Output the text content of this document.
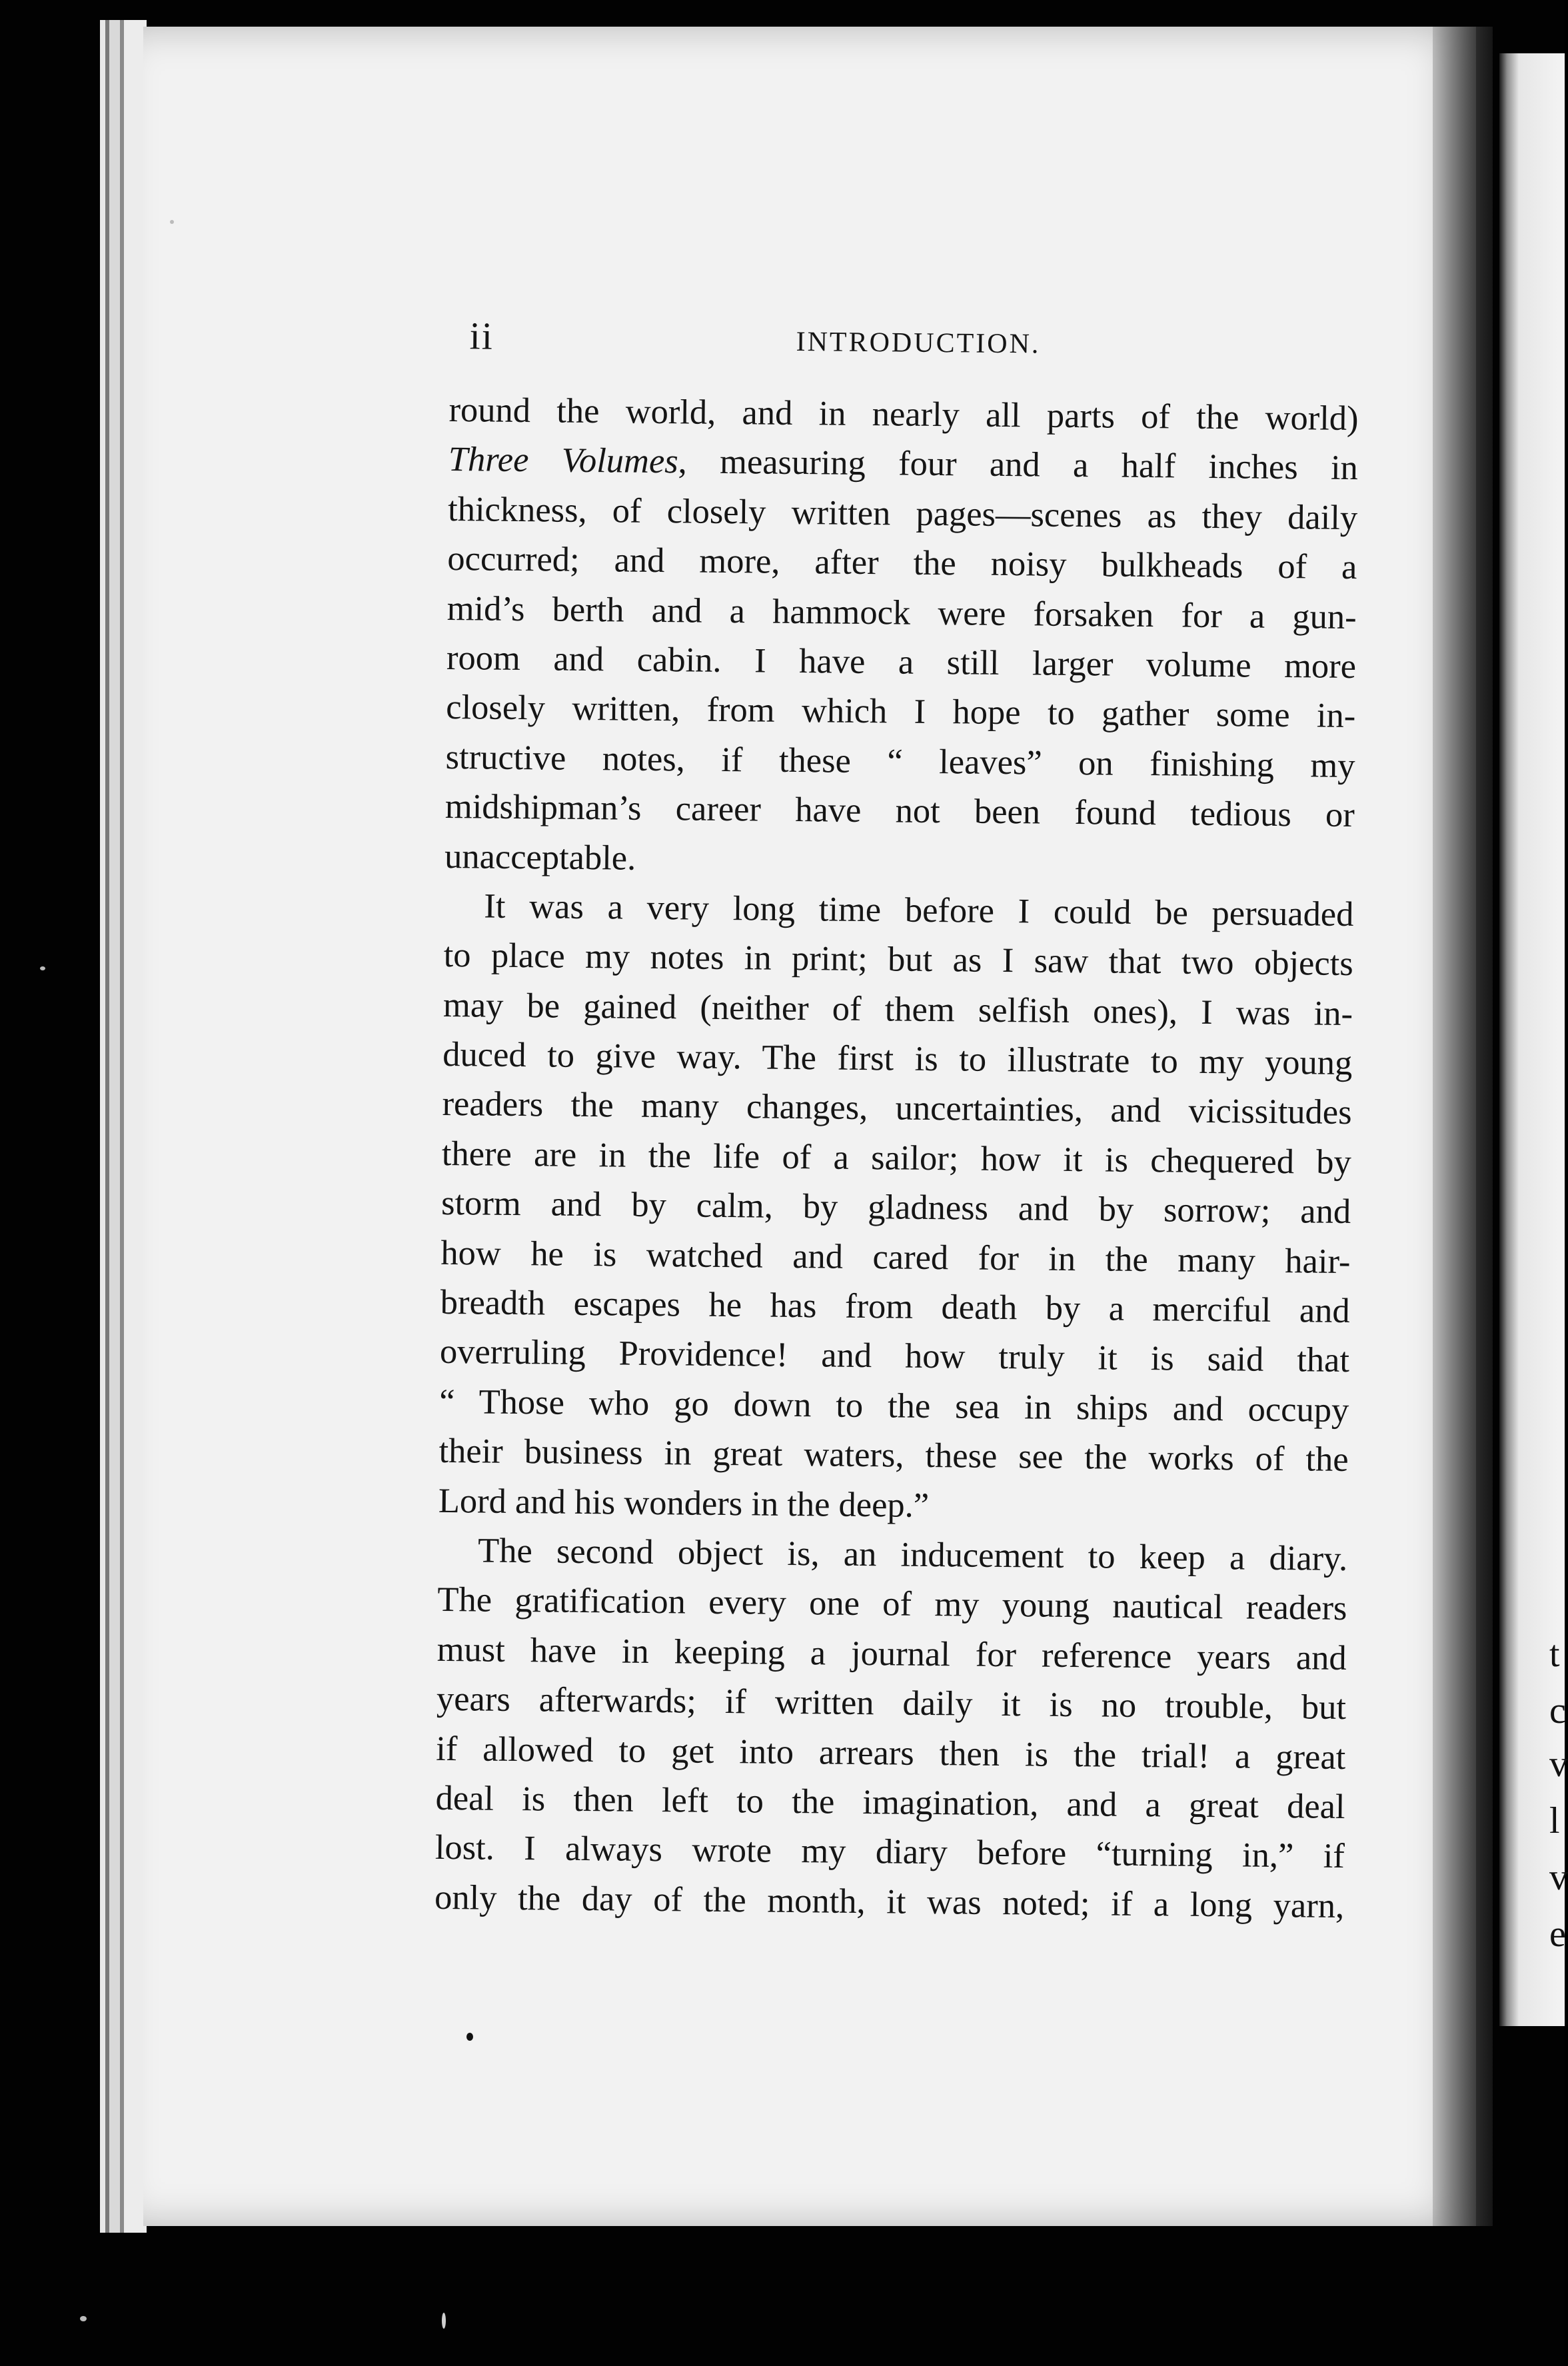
t
c
v
l
v
e
ii	INTRODUCTION.
round the world, and in nearly all parts of the world)
Three Volumes, measuring four and a half inches in
thickness, of closely written pages—scenes as they daily
occurred; and more, after the noisy bulkheads of a
mid’s berth and a hammock were forsaken for a gun-
room and cabin. I have a still larger volume more
closely written, from which I hope to gather some in-
structive notes, if these “ leaves” on finishing my
midshipman’s career have not been found tedious or
unacceptable.
It was a very long time before I could be persuaded
to place my notes in print; but as I saw that two objects
may be gained (neither of them selfish ones), I was in-
duced to give way. The first is to illustrate to my young
readers the many changes, uncertainties, and vicissitudes
there are in the life of a sailor; how it is chequered by
storm and by calm, by gladness and by sorrow; and
how he is watched and cared for in the many hair-
breadth escapes he has from death by a merciful and
overruling Providence! and how truly it is said that
“ Those who go down to the sea in ships and occupy
their business in great waters, these see the works of the
Lord and his wonders in the deep.”
The second object is, an inducement to keep a diary.
The gratification every one of my young nautical readers
must have in keeping a journal for reference years and
years afterwards; if written daily it is no trouble, but
if allowed to get into arrears then is the trial! a great
deal is then left to the imagination, and a great deal
lost. I always wrote my diary before “turning in,” if
only the day of the month, it was noted; if a long yarn,
